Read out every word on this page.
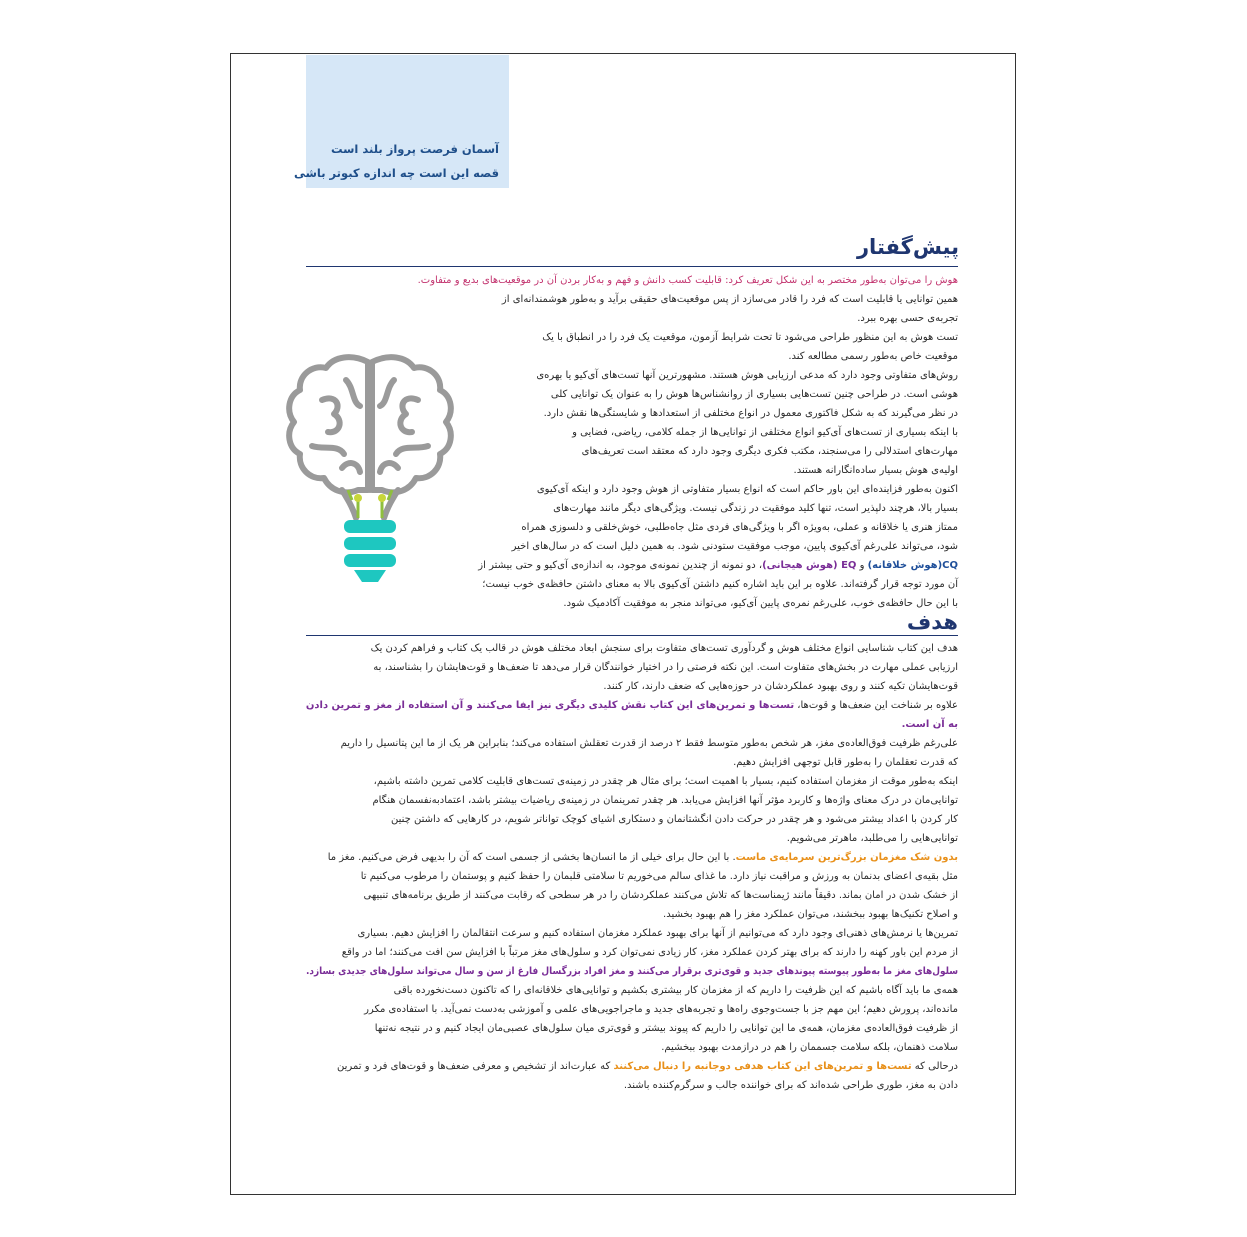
آسمان فرصت پرواز بلند است
قصه این است چه اندازه کبوتر باشی
پیش‌گفتار
هوش را می‌توان به‌طور مختصر به این شکل تعریف کرد: قابلیت کسب دانش و فهم و به‌کار بردن آن در موقعیت‌های بدیع و متفاوت.
همین توانایی یا قابلیت است که فرد را قادر می‌سازد از پس موقعیت‌های حقیقی برآید و به‌طور هوشمندانه‌ای از
تجربه‌ی حسی بهره ببرد.
تست هوش به این منظور طراحی می‌شود تا تحت شرایط آزمون، موقعیت یک فرد را در انطباق با یک
موقعیت خاص به‌طور رسمی مطالعه کند.
روش‌های متفاوتی وجود دارد که مدعی ارزیابی هوش هستند. مشهورترین آنها تست‌های آی‌کیو یا بهره‌ی
هوشی است. در طراحی چنین تست‌هایی بسیاری از روانشناس‌ها هوش را به عنوان یک توانایی کلی
در نظر می‌گیرند که به شکل فاکتوری معمول در انواع مختلفی از استعدادها و شایستگی‌ها نقش دارد.
با اینکه بسیاری از تست‌های آی‌کیو انواع مختلفی از توانایی‌ها از جمله کلامی، ریاضی، فضایی و
مهارت‌های استدلالی را می‌سنجند، مکتب فکری دیگری وجود دارد که معتقد است تعریف‌های
اولیه‌ی هوش بسیار ساده‌انگارانه هستند.
اکنون به‌طور فزاینده‌ای این باور حاکم است که انواع بسیار متفاوتی از هوش وجود دارد و اینکه آی‌کیوی
بسیار بالا، هرچند دلپذیر است، تنها کلید موفقیت در زندگی نیست. ویژگی‌های دیگر مانند مهارت‌های
ممتاز هنری یا خلاقانه و عملی، به‌ویژه اگر با ویژگی‌های فردی مثل جاه‌طلبی، خوش‌خلقی و دلسوزی همراه
شود، می‌تواند علی‌رغم آی‌کیوی پایین، موجب موفقیت ستودنی شود. به همین دلیل است که در سال‌های اخیر
CQ(هوش خلاقانه) و EQ (هوش هیجانی)، دو نمونه از چندین نمونه‌ی موجود، به اندازه‌ی آی‌کیو و حتی بیشتر از
آن مورد توجه قرار گرفته‌اند. علاوه بر این باید اشاره کنیم داشتن آی‌کیوی بالا به معنای داشتن حافظه‌ی خوب نیست؛
با این حال حافظه‌ی خوب، علی‌رغم نمره‌ی پایین آی‌کیو، می‌تواند منجر به موفقیت آکادمیک شود.
هدف
هدف این کتاب شناسایی انواع مختلف هوش و گردآوری تست‌های متفاوت برای سنجش ابعاد مختلف هوش در قالب یک کتاب و فراهم کردن یک
ارزیابی عملی مهارت در بخش‌های متفاوت است. این نکته فرصتی را در اختیار خوانندگان قرار می‌دهد تا ضعف‌ها و قوت‌هایشان را بشناسند، به
قوت‌هایشان تکیه کنند و روی بهبود عملکردشان در حوزه‌هایی که ضعف دارند، کار کنند.
علاوه بر شناخت این ضعف‌ها و قوت‌ها، تست‌ها و تمرین‌های این کتاب نقش کلیدی دیگری نیز ایفا می‌کنند و آن استفاده از مغز و تمرین دادن
به آن است.
علی‌رغم ظرفیت فوق‌العاده‌ی مغز، هر شخص به‌طور متوسط فقط ۲ درصد از قدرت تعقلش استفاده می‌کند؛ بنابراین هر یک از ما این پتانسیل را داریم
که قدرت تعقلمان را به‌طور قابل توجهی افزایش دهیم.
اینکه به‌طور موقت از مغزمان استفاده کنیم، بسیار با اهمیت است؛ برای مثال هر چقدر در زمینه‌ی تست‌های قابلیت کلامی تمرین داشته باشیم،
توانایی‌مان در درک معنای واژه‌ها و کاربرد مؤثر آنها افزایش می‌یابد. هر چقدر تمرینمان در زمینه‌ی ریاضیات بیشتر باشد، اعتمادبه‌نفسمان هنگام
کار کردن با اعداد بیشتر می‌شود و هر چقدر در حرکت دادن انگشتانمان و دستکاری اشیای کوچک تواناتر شویم، در کارهایی که داشتن چنین
توانایی‌هایی را می‌طلبد، ماهرتر می‌شویم.
بدون شک مغزمان بزرگ‌ترین سرمایه‌ی ماست. با این حال برای خیلی از ما انسان‌ها بخشی از جسمی است که آن را بدیهی فرض می‌کنیم. مغز ما
مثل بقیه‌ی اعضای بدنمان به ورزش و مراقبت نیاز دارد. ما غذای سالم می‌خوریم تا سلامتی قلبمان را حفظ کنیم و پوستمان را مرطوب می‌کنیم تا
از خشک شدن در امان بماند. دقیقاً مانند ژیمناست‌ها که تلاش می‌کنند عملکردشان را در هر سطحی که رقابت می‌کنند از طریق برنامه‌های تنبیهی
و اصلاح تکنیک‌ها بهبود ببخشند، می‌توان عملکرد مغز را هم بهبود بخشید.
تمرین‌ها یا نرمش‌های ذهنی‌ای وجود دارد که می‌توانیم از آنها برای بهبود عملکرد مغزمان استفاده کنیم و سرعت انتقالمان را افزایش دهیم. بسیاری
از مردم این باور کهنه را دارند که برای بهتر کردن عملکرد مغز، کار زیادی نمی‌توان کرد و سلول‌های مغز مرتباً با افزایش سن افت می‌کنند؛ اما در واقع
سلول‌های مغز ما به‌طور پیوسته پیوندهای جدید و قوی‌تری برقرار می‌کنند و مغز افراد بزرگسال فارغ از سن و سال می‌تواند سلول‌های جدیدی بسازد.
همه‌ی ما باید آگاه باشیم که این ظرفیت را داریم که از مغزمان کار بیشتری بکشیم و توانایی‌های خلاقانه‌ای را که تاکنون دست‌نخورده باقی
مانده‌اند، پرورش دهیم؛ این مهم جز با جست‌وجوی راه‌ها و تجربه‌های جدید و ماجراجویی‌های علمی و آموزشی به‌دست نمی‌آید. با استفاده‌ی مکرر
از ظرفیت فوق‌العاده‌ی مغزمان، همه‌ی ما این توانایی را داریم که پیوند بیشتر و قوی‌تری میان سلول‌های عصبی‌مان ایجاد کنیم و در نتیجه نه‌تنها
سلامت ذهنمان، بلکه سلامت جسممان را هم در درازمدت بهبود ببخشیم.
درحالی که تست‌ها و تمرین‌های این کتاب هدفی دوجانبه را دنبال می‌کنند که عبارت‌اند از تشخیص و معرفی ضعف‌ها و قوت‌های فرد و تمرین
دادن به مغز، طوری طراحی شده‌اند که برای خواننده جالب و سرگرم‌کننده باشند.
